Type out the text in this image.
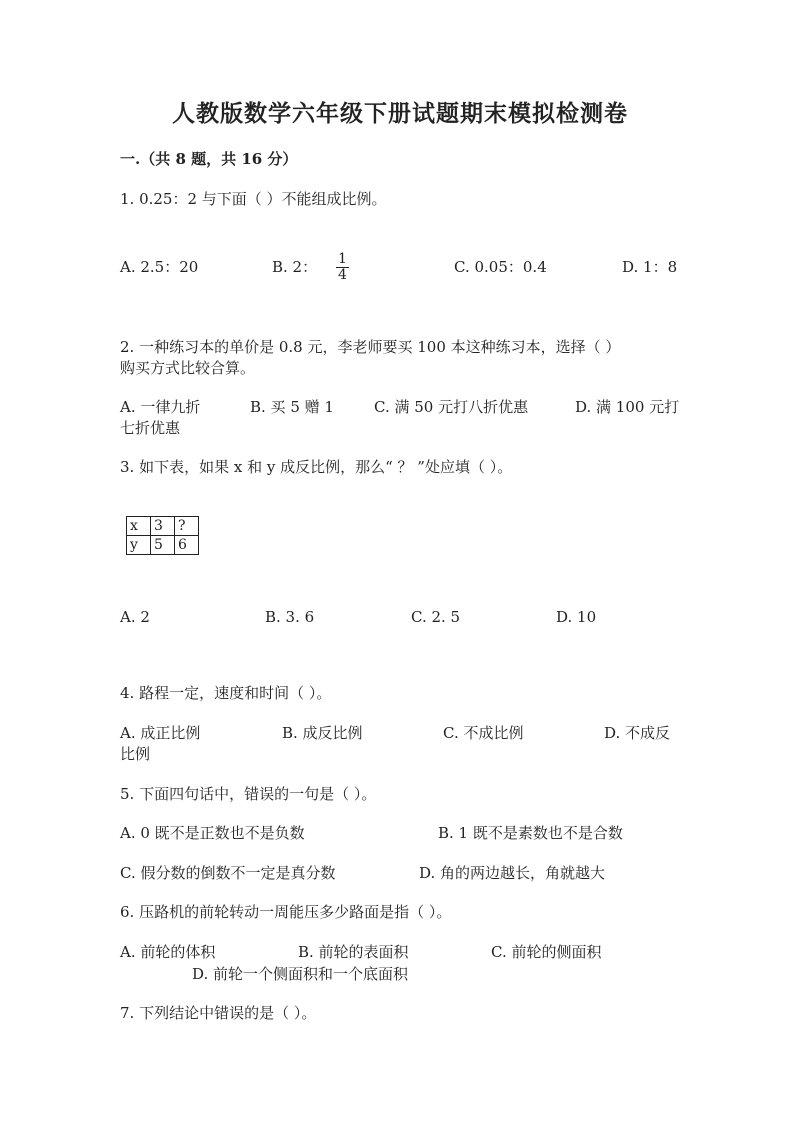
人教版数学六年级下册试题期末模拟检测卷
一.（共 8 题，共 16 分）
1. 0.25：2 与下面（ ）不能组成比例。
A. 2.5：20	B. 2： $\frac{1}{4}$	C. 0.05：0.4	D. 1：8
2. 一种练习本的单价是 0.8 元，李老师要买 100 本这种练习本，选择（ ）
购买方式比较合算。
A. 一律九折	B. 买 5 赠 1	C. 满 50 元打八折优惠	D. 满 100 元打
七折优惠
3. 如下表，如果 x 和 y 成反比例，那么“ ？ ”处应填（ ）。
x	3	?
y	5	6
A. 2	B. 3. 6	C. 2. 5	D. 10
4. 路程一定，速度和时间（ ）。
A. 成正比例	B. 成反比例	C. 不成比例	D. 不成反
比例
5. 下面四句话中，错误的一句是（ ）。
A. 0 既不是正数也不是负数	B. 1 既不是素数也不是合数
C. 假分数的倒数不一定是真分数	D. 角的两边越长，角就越大
6. 压路机的前轮转动一周能压多少路面是指（ ）。
A. 前轮的体积	B. 前轮的表面积	C. 前轮的侧面积
D. 前轮一个侧面积和一个底面积
7. 下列结论中错误的是（ ）。
